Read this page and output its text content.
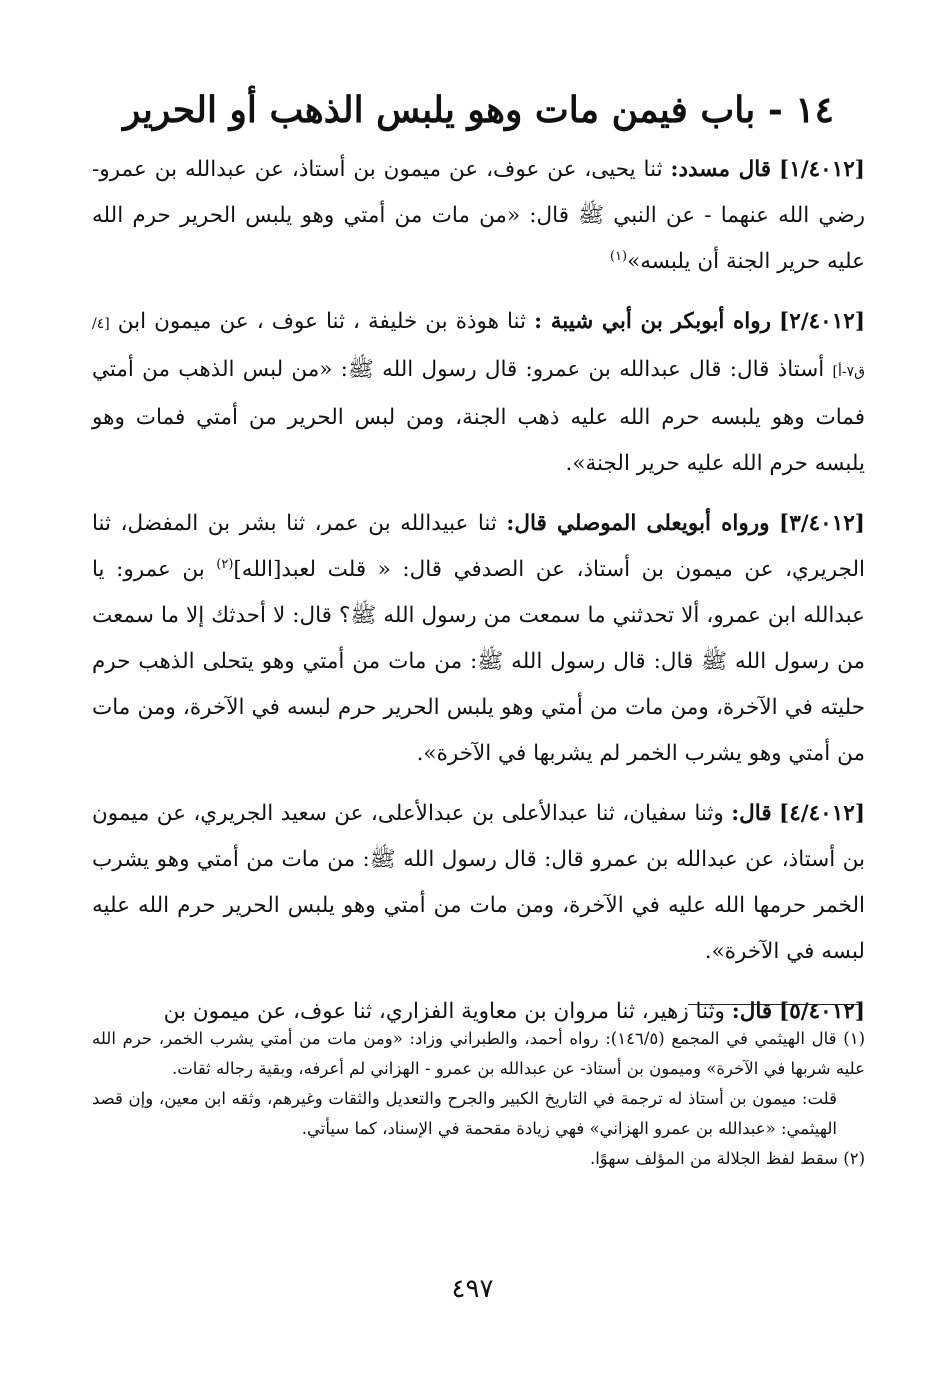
١٤ - باب فيمن مات وهو يلبس الذهب أو الحرير

[١/٤٠١٢] قال مسدد: ثنا يحيى، عن عوف، عن ميمون بن أستاذ، عن عبدالله بن عمرو-رضي الله عنهما - عن النبي ﷺ قال: «من مات من أمتي وهو يلبس الحرير حرم الله عليه حرير الجنة أن يلبسه»$^{(١)}$

[٢/٤٠١٢] رواه أبوبكر بن أبي شيبة : ثنا هوذة بن خليفة ، ثنا عوف ، عن ميمون ابن [٤/ق٧-أ] أستاذ قال: قال عبدالله بن عمرو: قال رسول الله ﷺ: «من لبس الذهب من أمتي فمات وهو يلبسه حرم الله عليه ذهب الجنة، ومن لبس الحرير من أمتي فمات وهو يلبسه حرم الله عليه حرير الجنة».

[٣/٤٠١٢] ورواه أبويعلى الموصلي قال: ثنا عبيدالله بن عمر، ثنا بشر بن المفضل، ثنا الجريري، عن ميمون بن أستاذ، عن الصدفي قال: « قلت لعبد[الله]$^{(٢)}$ بن عمرو: يا عبدالله ابن عمرو، ألا تحدثني ما سمعت من رسول الله ﷺ؟ قال: لا أحدثك إلا ما سمعت من رسول الله ﷺ قال: قال رسول الله ﷺ: من مات من أمتي وهو يتحلى الذهب حرم حليته في الآخرة، ومن مات من أمتي وهو يلبس الحرير حرم لبسه في الآخرة، ومن مات من أمتي وهو يشرب الخمر لم يشربها في الآخرة».

[٤/٤٠١٢] قال: وثنا سفيان، ثنا عبدالأعلى بن عبدالأعلى، عن سعيد الجريري، عن ميمون بن أستاذ، عن عبدالله بن عمرو قال: قال رسول الله ﷺ: من مات من أمتي وهو يشرب الخمر حرمها الله عليه في الآخرة، ومن مات من أمتي وهو يلبس الحرير حرم الله عليه لبسه في الآخرة».

[٥/٤٠١٢] قال: وثنا زهير، ثنا مروان بن معاوية الفزاري، ثنا عوف، عن ميمون بن

(١) قال الهيثمي في المجمع (١٤٦/٥): رواه أحمد، والطبراني وزاد: «ومن مات من أمتي يشرب الخمر، حرم الله عليه شربها في الآخرة» وميمون بن أستاذ- عن عبدالله بن عمرو - الهزاني لم أعرفه، وبقية رجاله ثقات.

قلت: ميمون بن أستاذ له ترجمة في التاريخ الكبير والجرح والتعديل والثقات وغيرهم، وثقه ابن معين، وإن قصد الهيثمي: «عبدالله بن عمرو الهزاني» فهي زيادة مقحمة في الإسناد، كما سيأتي.

(٢) سقط لفظ الجلالة من المؤلف سهوًا.

٤٩٧
